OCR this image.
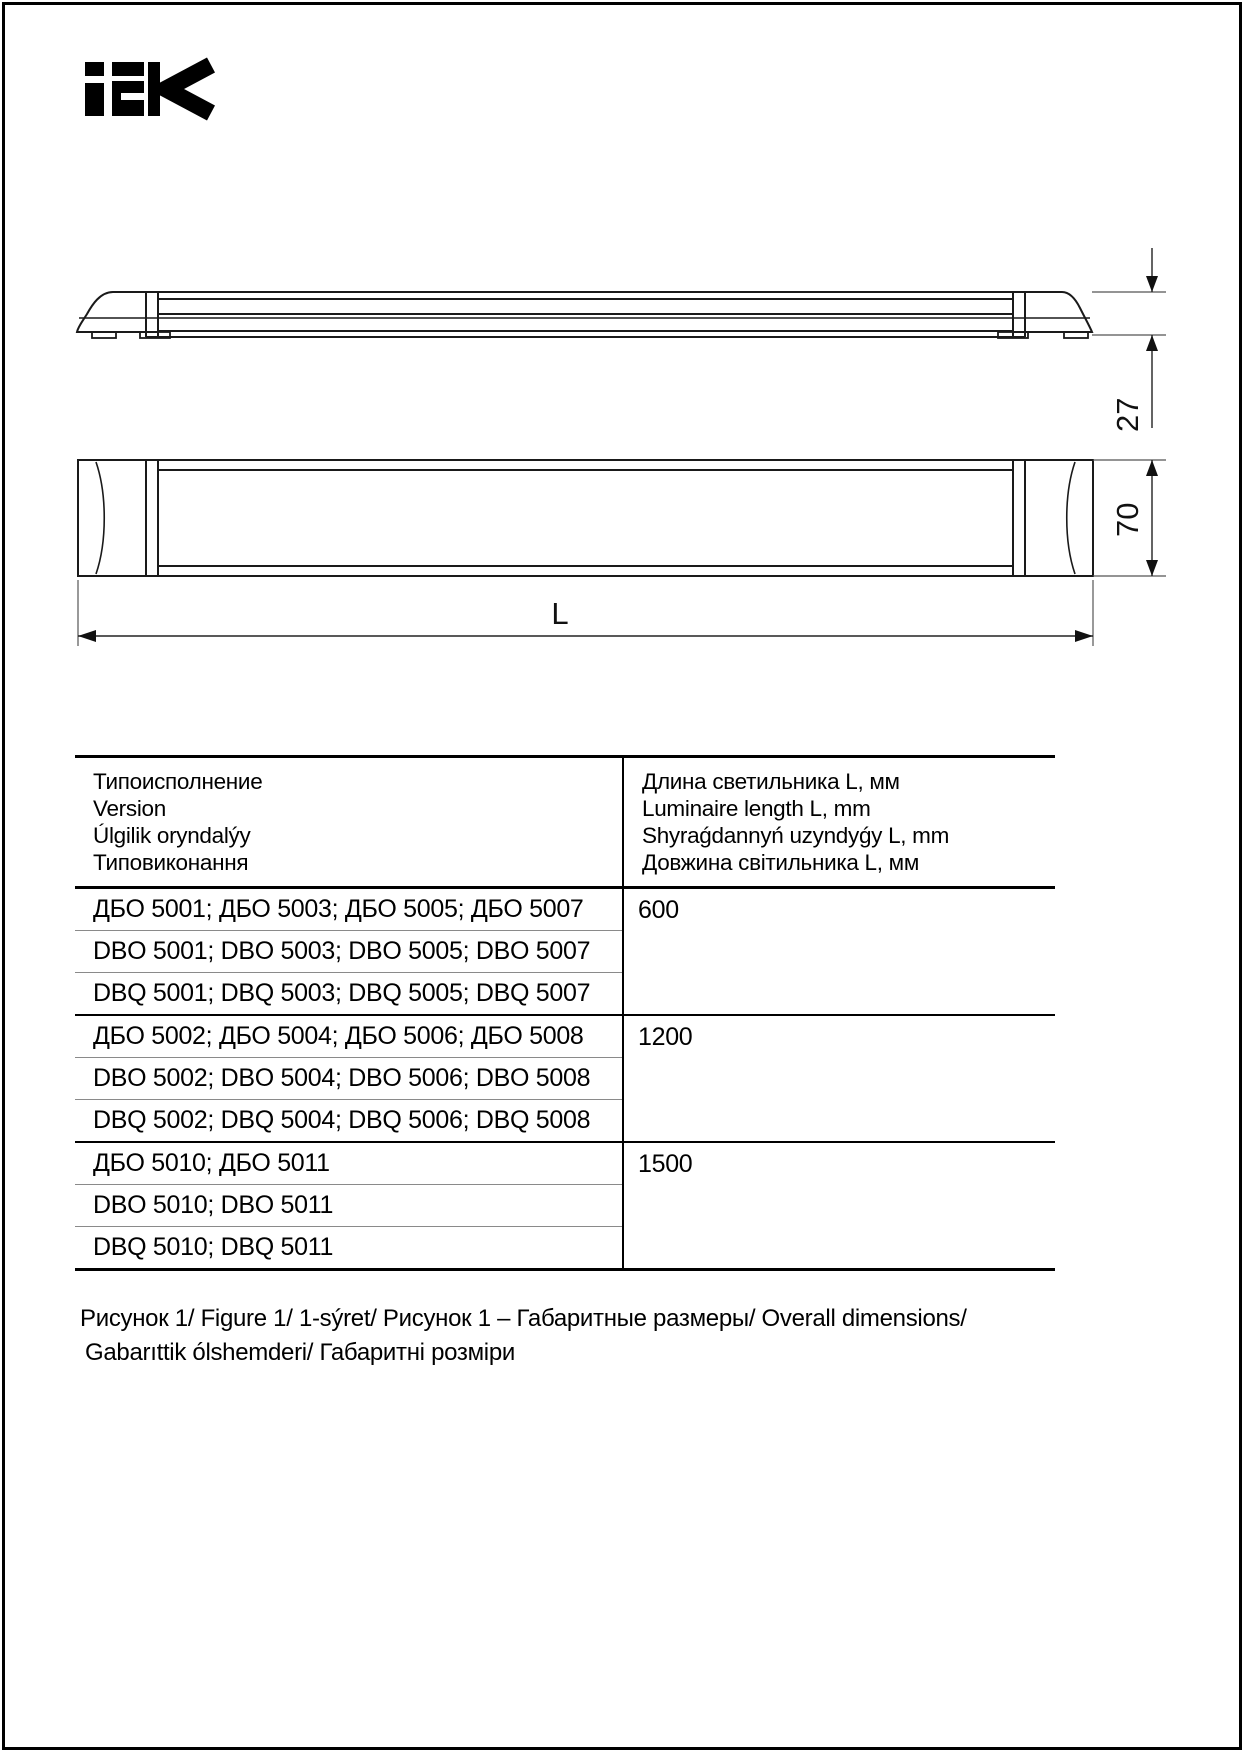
27
70
L
Типоисполнение
Version
Úlgilik oryndalýy
Типовиконання

Длина светильника L, мм
Luminaire length L, mm
Shyraǵdannyń uzyndyǵy L, mm
Довжина світильника L, мм

ДБО 5001; ДБО 5003; ДБО 5005; ДБО 5007	600
DBO 5001; DBO 5003; DBO 5005; DBO 5007	
DBQ 5001; DBQ 5003; DBQ 5005; DBQ 5007	
ДБО 5002; ДБО 5004; ДБО 5006; ДБО 5008	1200
DBO 5002; DBO 5004; DBO 5006; DBO 5008	
DBQ 5002; DBQ 5004; DBQ 5006; DBQ 5008	
ДБО 5010; ДБО 5011	1500
DBO 5010; DBO 5011	
DBQ 5010; DBQ 5011	

Рисунок 1/ Figure 1/ 1-sýret/ Рисунок 1 – Габаритные размеры/ Overall dimensions/
Gabarıttik ólshemderi/ Габаритні розміри
